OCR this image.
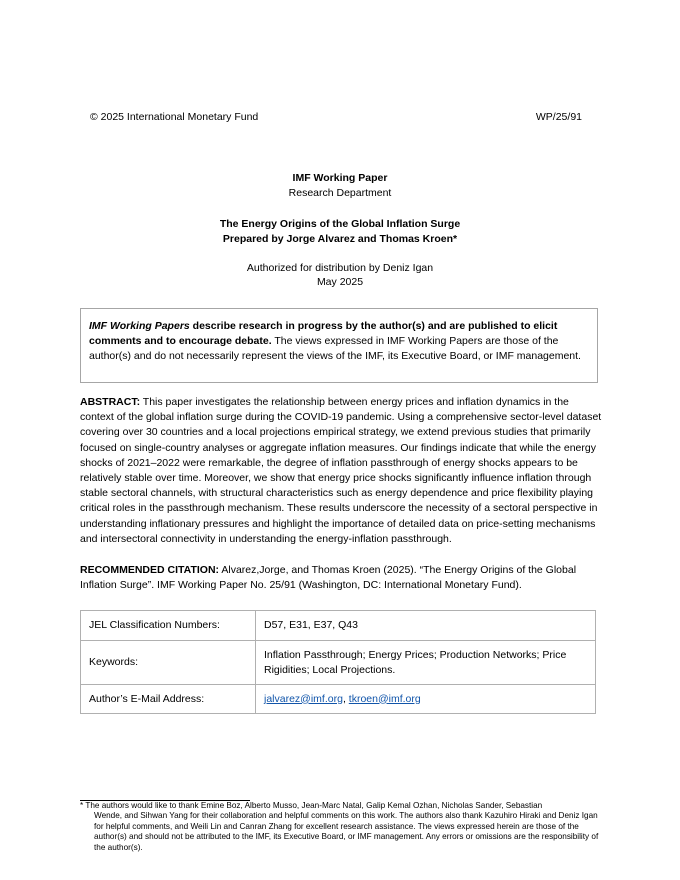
© 2025 International Monetary Fund	WP/25/91
IMF Working Paper
Research Department
The Energy Origins of the Global Inflation Surge
Prepared by Jorge Alvarez and Thomas Kroen*
Authorized for distribution by Deniz Igan
May 2025
IMF Working Papers describe research in progress by the author(s) and are published to elicit comments and to encourage debate. The views expressed in IMF Working Papers are those of the author(s) and do not necessarily represent the views of the IMF, its Executive Board, or IMF management.
ABSTRACT: This paper investigates the relationship between energy prices and inflation dynamics in the context of the global inflation surge during the COVID-19 pandemic. Using a comprehensive sector-level dataset covering over 30 countries and a local projections empirical strategy, we extend previous studies that primarily focused on single-country analyses or aggregate inflation measures. Our findings indicate that while the energy shocks of 2021–2022 were remarkable, the degree of inflation passthrough of energy shocks appears to be relatively stable over time. Moreover, we show that energy price shocks significantly influence inflation through stable sectoral channels, with structural characteristics such as energy dependence and price flexibility playing critical roles in the passthrough mechanism. These results underscore the necessity of a sectoral perspective in understanding inflationary pressures and highlight the importance of detailed data on price-setting mechanisms and intersectoral connectivity in understanding the energy-inflation passthrough.
RECOMMENDED CITATION: Alvarez,Jorge, and Thomas Kroen (2025). “The Energy Origins of the Global Inflation Surge”. IMF Working Paper No. 25/91 (Washington, DC: International Monetary Fund).
JEL Classification Numbers:	D57, E31, E37, Q43
Keywords:	Inflation Passthrough; Energy Prices; Production Networks; Price Rigidities; Local Projections.
Author’s E-Mail Address:	jalvarez@imf.org, tkroen@imf.org
* The authors would like to thank Emine Boz, Alberto Musso, Jean-Marc Natal, Galip Kemal Ozhan, Nicholas Sander, Sebastian
Wende, and Sihwan Yang for their collaboration and helpful comments on this work. The authors also thank Kazuhiro Hiraki and Deniz Igan for helpful comments, and Weili Lin and Canran Zhang for excellent research assistance. The views expressed herein are those of the author(s) and should not be attributed to the IMF, its Executive Board, or IMF management. Any errors or omissions are the responsibility of the author(s).
